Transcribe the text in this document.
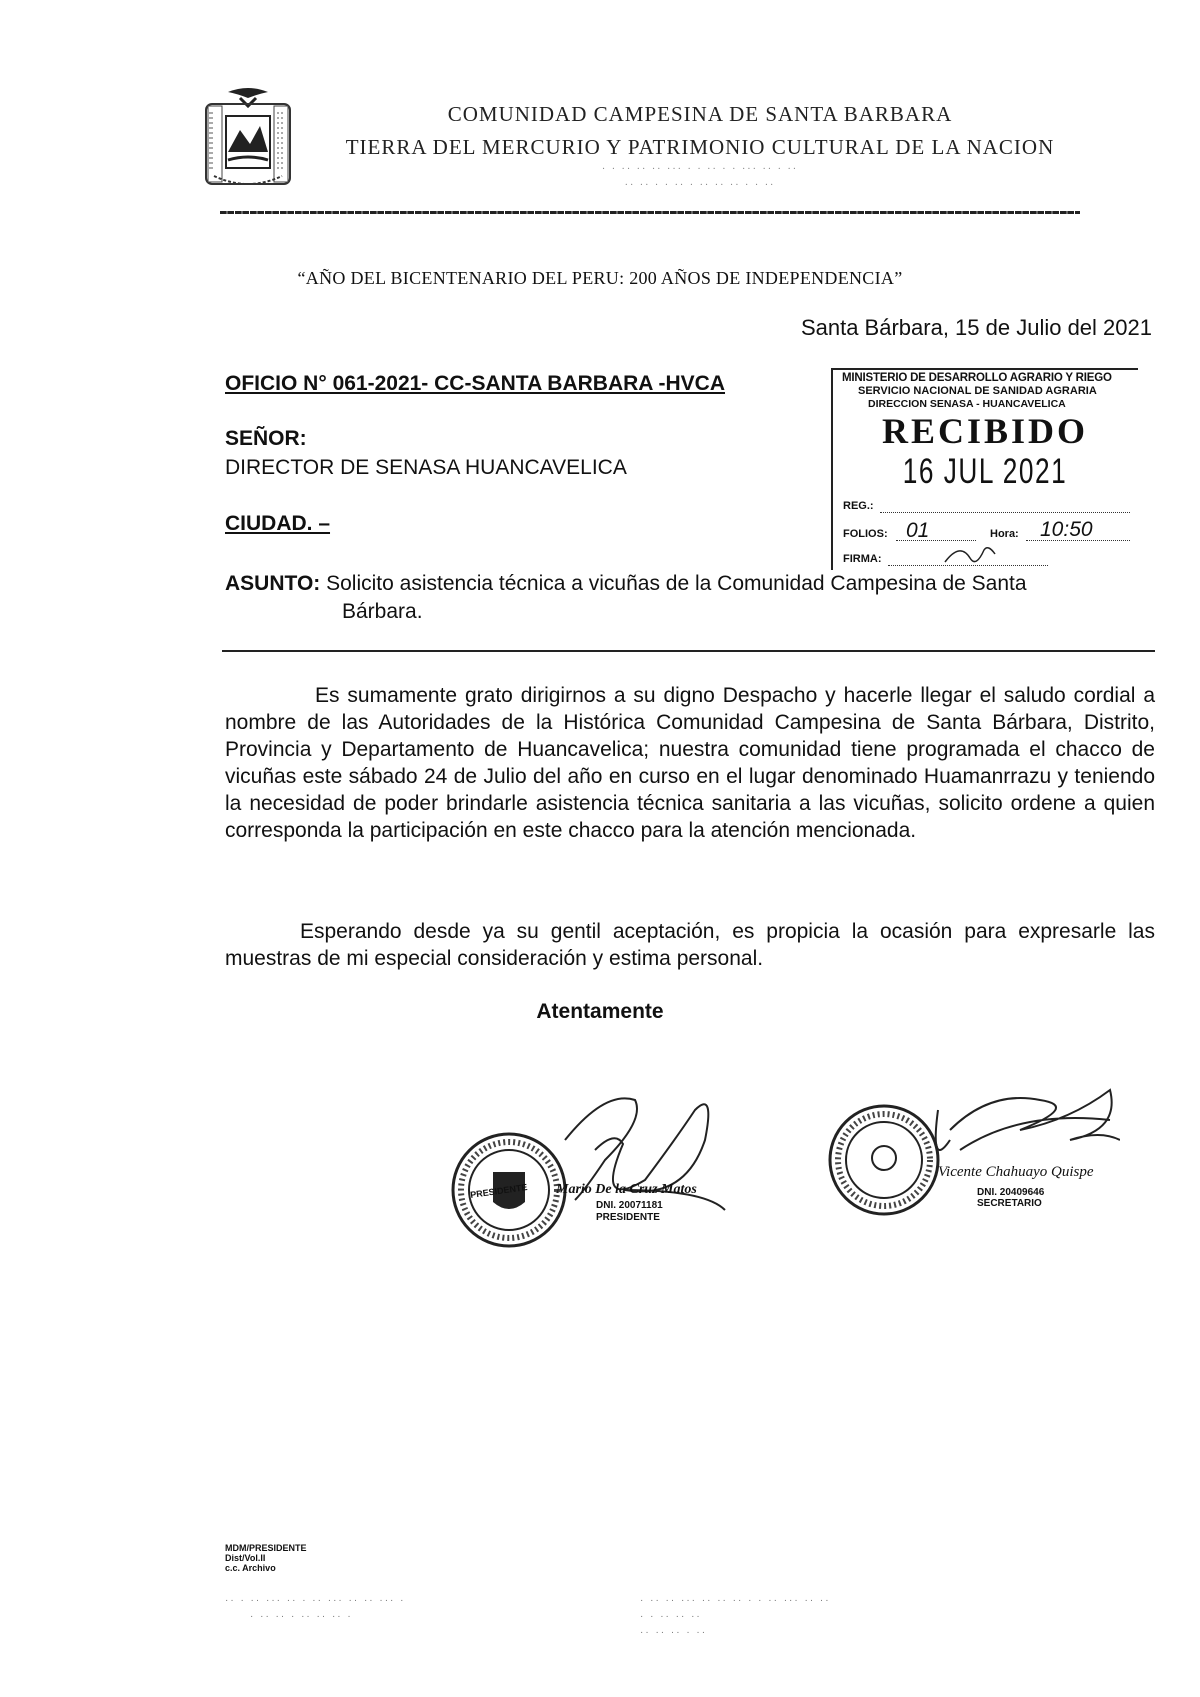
COMUNIDAD CAMPESINA DE SANTA BARBARA
TIERRA DEL MERCURIO Y PATRIMONIO CULTURAL DE LA NACION
· · ·· ·· ·· ··· · · ·· · · ··· ·· · ··
·· ·· · · ·· · ·· ·· ·· · · ··
“AÑO DEL BICENTENARIO DEL PERU: 200 AÑOS DE INDEPENDENCIA”
Santa Bárbara, 15 de Julio del 2021
OFICIO N° 061-2021- CC-SANTA BARBARA -HVCA
SEÑOR:
DIRECTOR DE SENASA HUANCAVELICA
CIUDAD. –
ASUNTO: Solicito asistencia técnica a vicuñas de la Comunidad Campesina de Santa
Bárbara.
MINISTERIO DE DESARROLLO AGRARIO Y RIEGO
SERVICIO NACIONAL DE SANIDAD AGRARIA
DIRECCION SENASA - HUANCAVELICA
RECIBIDO
16 JUL 2021
REG.:
FOLIOS: 01	Hora: 10:50
FIRMA:
Es sumamente grato dirigirnos a su digno Despacho y hacerle llegar el saludo cordial a nombre de las Autoridades de la Histórica Comunidad Campesina de Santa Bárbara, Distrito, Provincia y Departamento de Huancavelica; nuestra comunidad tiene programada el chacco de vicuñas este sábado 24 de Julio del año en curso en el lugar denominado Huamanrrazu y teniendo la necesidad de poder brindarle asistencia técnica sanitaria a las vicuñas, solicito ordene a quien corresponda la participación en este chacco para la atención mencionada.
Esperando desde ya su gentil aceptación, es propicia la ocasión para expresarle las muestras de mi especial consideración y estima personal.
Atentamente
PRESIDENTE Mario De la Cruz Matos
DNI. 20071181
PRESIDENTE
Vicente Chahuayo Quispe
DNI. 20409646
SECRETARIO
MDM/PRESIDENTE
Dist/Vol.II
c.c. Archivo
·· · ·· ··· ·· · ·· ··· ·· ·· ··· ·
· ·· ·· · ·· ·· ·· ·
· ·· ·· ··· ·· ·· ·· · · ·· ··· ·· ··
· · ·· ·· ··
·· ·· ·· · ··
